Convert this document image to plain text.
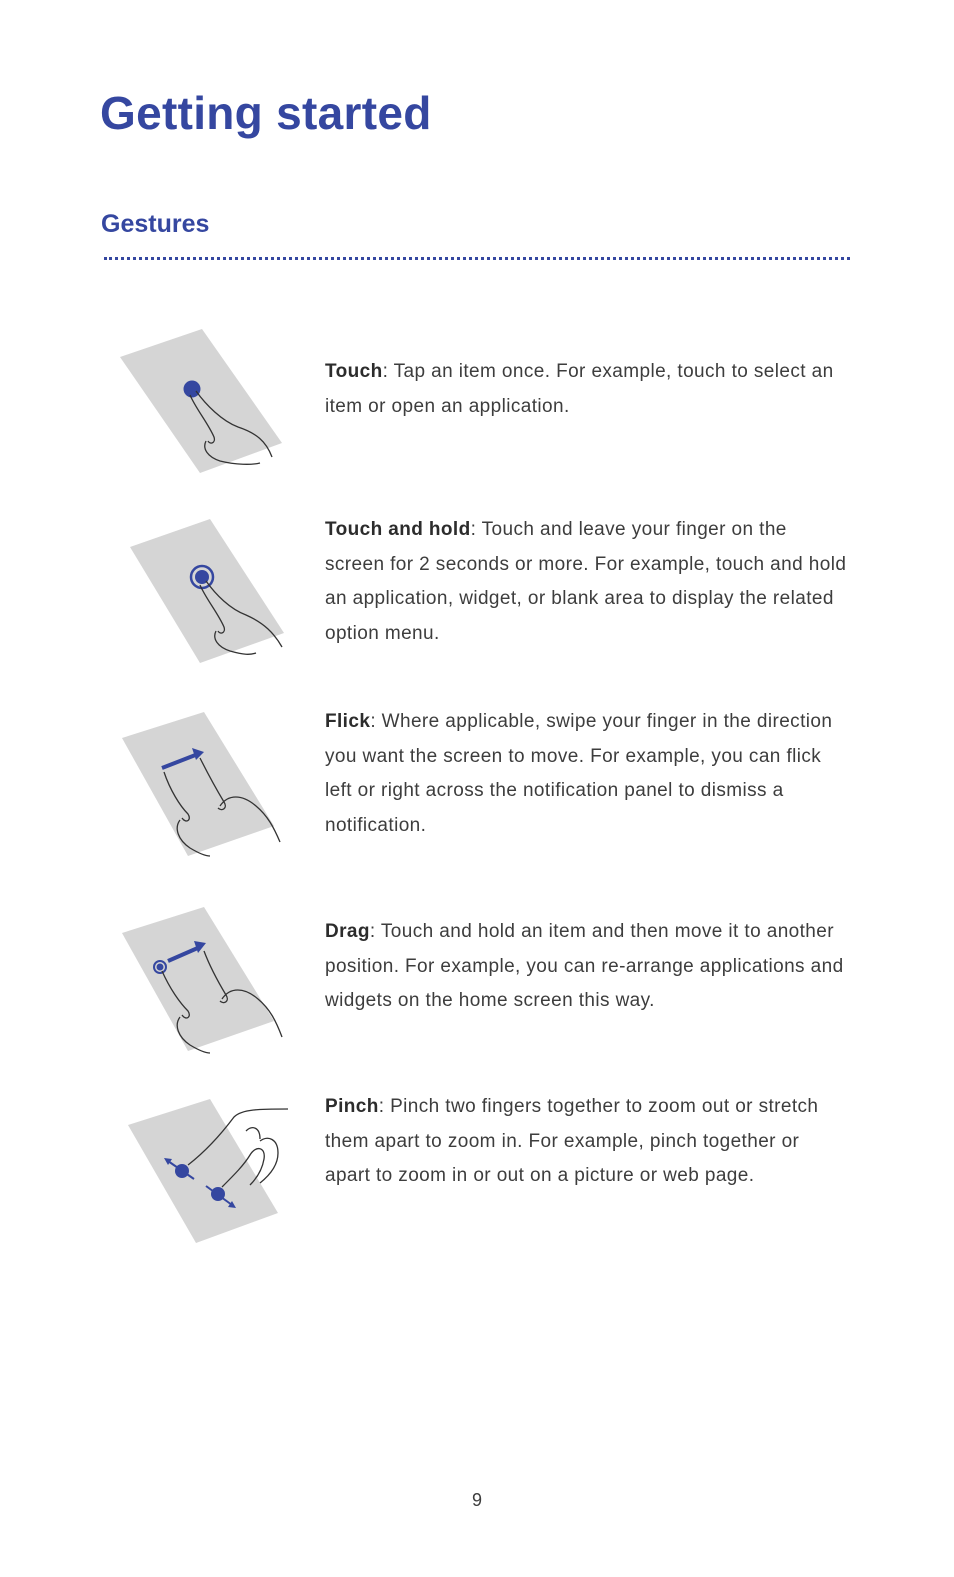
Getting started
Gestures

Touch: Tap an item once. For example, touch to select an item or open an application.

Touch and hold: Touch and leave your finger on the screen for 2 seconds or more. For example, touch and hold an application, widget, or blank area to display the related option menu.

Flick: Where applicable, swipe your finger in the direction you want the screen to move. For example, you can flick left or right across the notification panel to dismiss a notification.

Drag: Touch and hold an item and then move it to another position. For example, you can re-arrange applications and widgets on the home screen this way.

Pinch: Pinch two fingers together to zoom out or stretch them apart to zoom in. For example, pinch together or apart to zoom in or out on a picture or web page.

9
